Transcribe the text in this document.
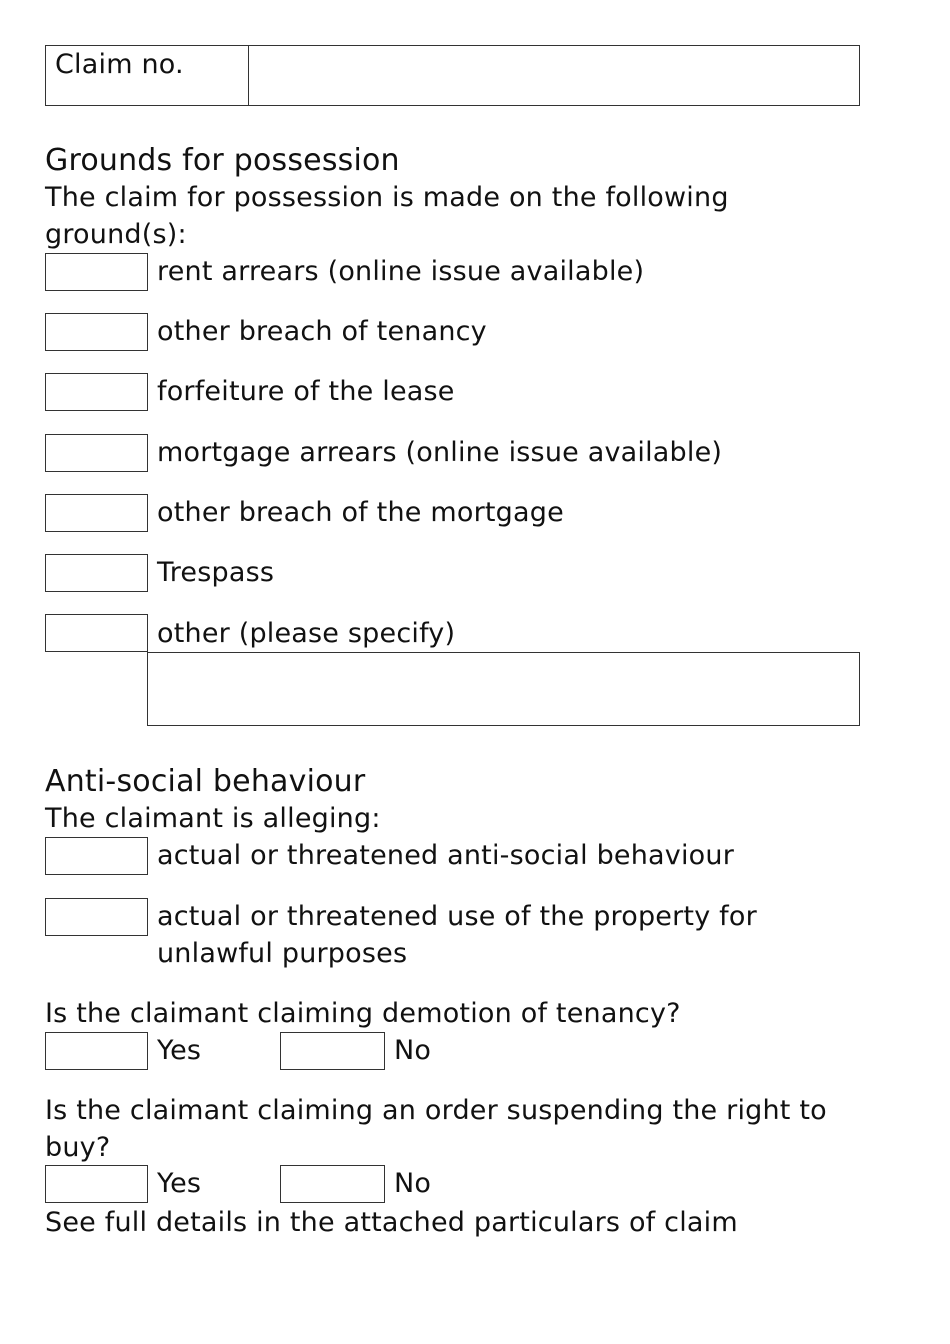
Claim no.
Grounds for possession
The claim for possession is made on the following ground(s):
rent arrears (online issue available)
other breach of tenancy
forfeiture of the lease
mortgage arrears (online issue available)
other breach of the mortgage
Trespass
other (please specify)
Anti-social behaviour
The claimant is alleging:
actual or threatened anti-social behaviour
actual or threatened use of the property for unlawful purposes
Is the claimant claiming demotion of tenancy?
Yes	No
Is the claimant claiming an order suspending the right to buy?
Yes	No
See full details in the attached particulars of claim
